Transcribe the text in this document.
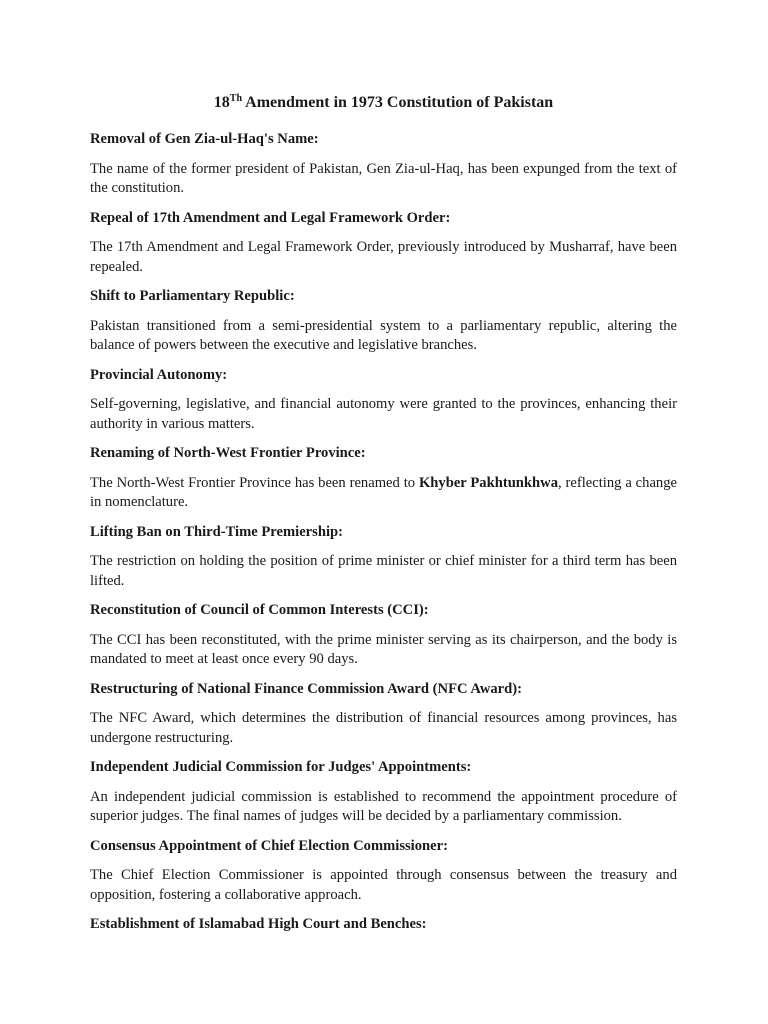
18Th Amendment in 1973 Constitution of Pakistan

Removal of Gen Zia-ul-Haq's Name:

The name of the former president of Pakistan, Gen Zia-ul-Haq, has been expunged from the text of the constitution.

Repeal of 17th Amendment and Legal Framework Order:

The 17th Amendment and Legal Framework Order, previously introduced by Musharraf, have been repealed.

Shift to Parliamentary Republic:

Pakistan transitioned from a semi-presidential system to a parliamentary republic, altering the balance of powers between the executive and legislative branches.

Provincial Autonomy:

Self-governing, legislative, and financial autonomy were granted to the provinces, enhancing their authority in various matters.

Renaming of North-West Frontier Province:

The North-West Frontier Province has been renamed to Khyber Pakhtunkhwa, reflecting a change in nomenclature.

Lifting Ban on Third-Time Premiership:

The restriction on holding the position of prime minister or chief minister for a third term has been lifted.

Reconstitution of Council of Common Interests (CCI):

The CCI has been reconstituted, with the prime minister serving as its chairperson, and the body is mandated to meet at least once every 90 days.

Restructuring of National Finance Commission Award (NFC Award):

The NFC Award, which determines the distribution of financial resources among provinces, has undergone restructuring.

Independent Judicial Commission for Judges' Appointments:

An independent judicial commission is established to recommend the appointment procedure of superior judges. The final names of judges will be decided by a parliamentary commission.

Consensus Appointment of Chief Election Commissioner:

The Chief Election Commissioner is appointed through consensus between the treasury and opposition, fostering a collaborative approach.

Establishment of Islamabad High Court and Benches:
